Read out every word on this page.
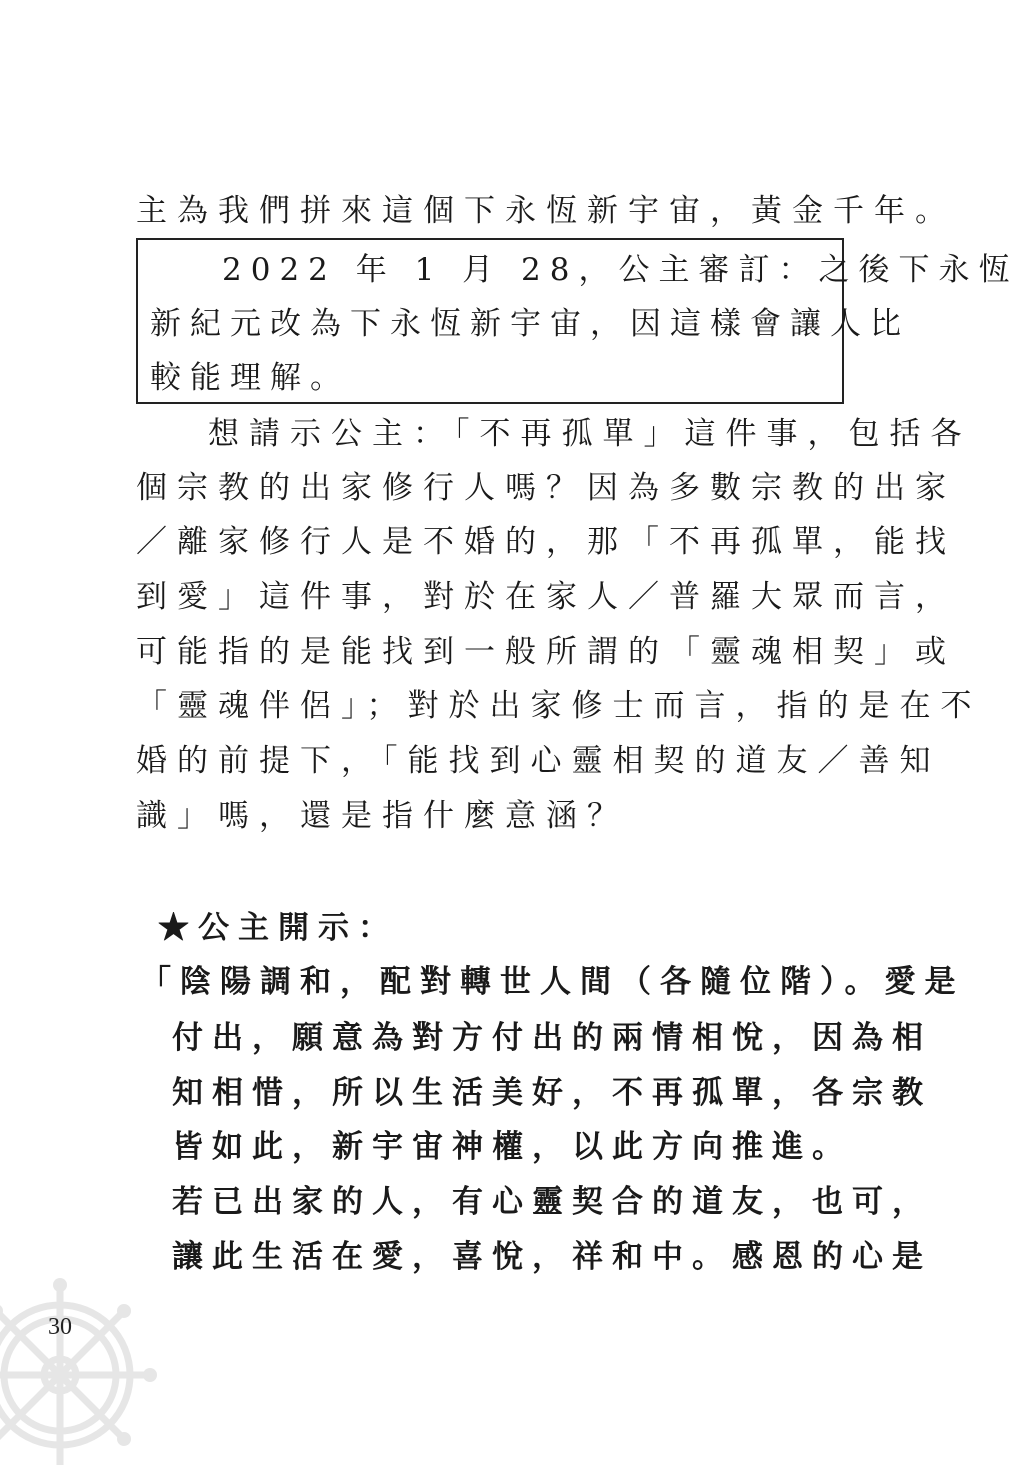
主為我們拼來這個下永恆新宇宙，黃金千年。
2022 年 1 月 28，公主審訂：之後下永恆
新紀元改為下永恆新宇宙，因這樣會讓人比
較能理解。
想請示公主：「不再孤單」這件事，包括各
個宗教的出家修行人嗎？因為多數宗教的出家
／離家修行人是不婚的，那「不再孤單，能找
到愛」這件事，對於在家人／普羅大眾而言，
可能指的是能找到一般所謂的「靈魂相契」或
「靈魂伴侶」；對於出家修士而言，指的是在不
婚的前提下，「能找到心靈相契的道友／善知
識」嗎，還是指什麼意涵？
★公主開示：
「陰陽調和，配對轉世人間（各隨位階）。愛是
付出，願意為對方付出的兩情相悅，因為相
知相惜，所以生活美好，不再孤單，各宗教
皆如此，新宇宙神權，以此方向推進。
若已出家的人，有心靈契合的道友，也可，
讓此生活在愛，喜悅，祥和中。感恩的心是
30
